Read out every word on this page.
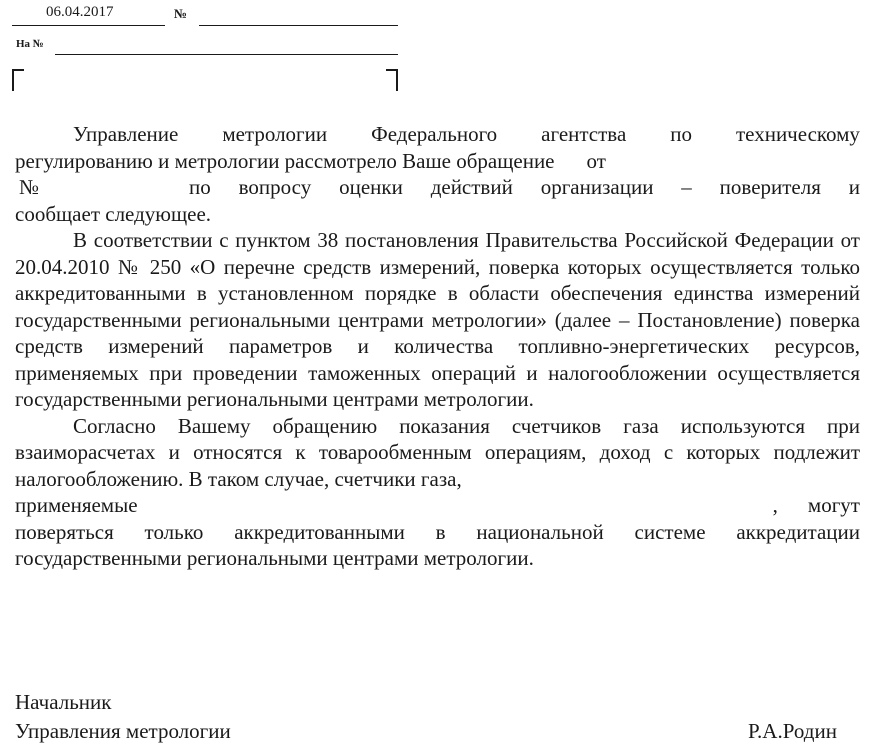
06.04.2017	№
На №
Управление метрологии Федерального агентства по техническому
регулированию и метрологии рассмотрело Ваше обращение от
№	по вопросу оценки действий организации – поверителя и
сообщает следующее.

В соответствии с пунктом 38 постановления Правительства Российской Федерации от 20.04.2010 № 250 «О перечне средств измерений, поверка которых осуществляется только аккредитованными в установленном порядке в области обеспечения единства измерений государственными региональными центрами метрологии» (далее – Постановление) поверка средств измерений параметров и количества топливно-энергетических ресурсов, применяемых при проведении таможенных операций и налогообложении осуществляется государственными региональными центрами метрологии.

Согласно Вашему обращению показания счетчиков газа используются при взаиморасчетах и относятся к товарообменным операциям, доход с которых подлежит налогообложению. В таком случае, счетчики газа,

применяемые	, могут

поверяться только аккредитованными в национальной системе аккредитации государственными региональными центрами метрологии.

Начальник
Управления метрологии	Р.А.Родин
